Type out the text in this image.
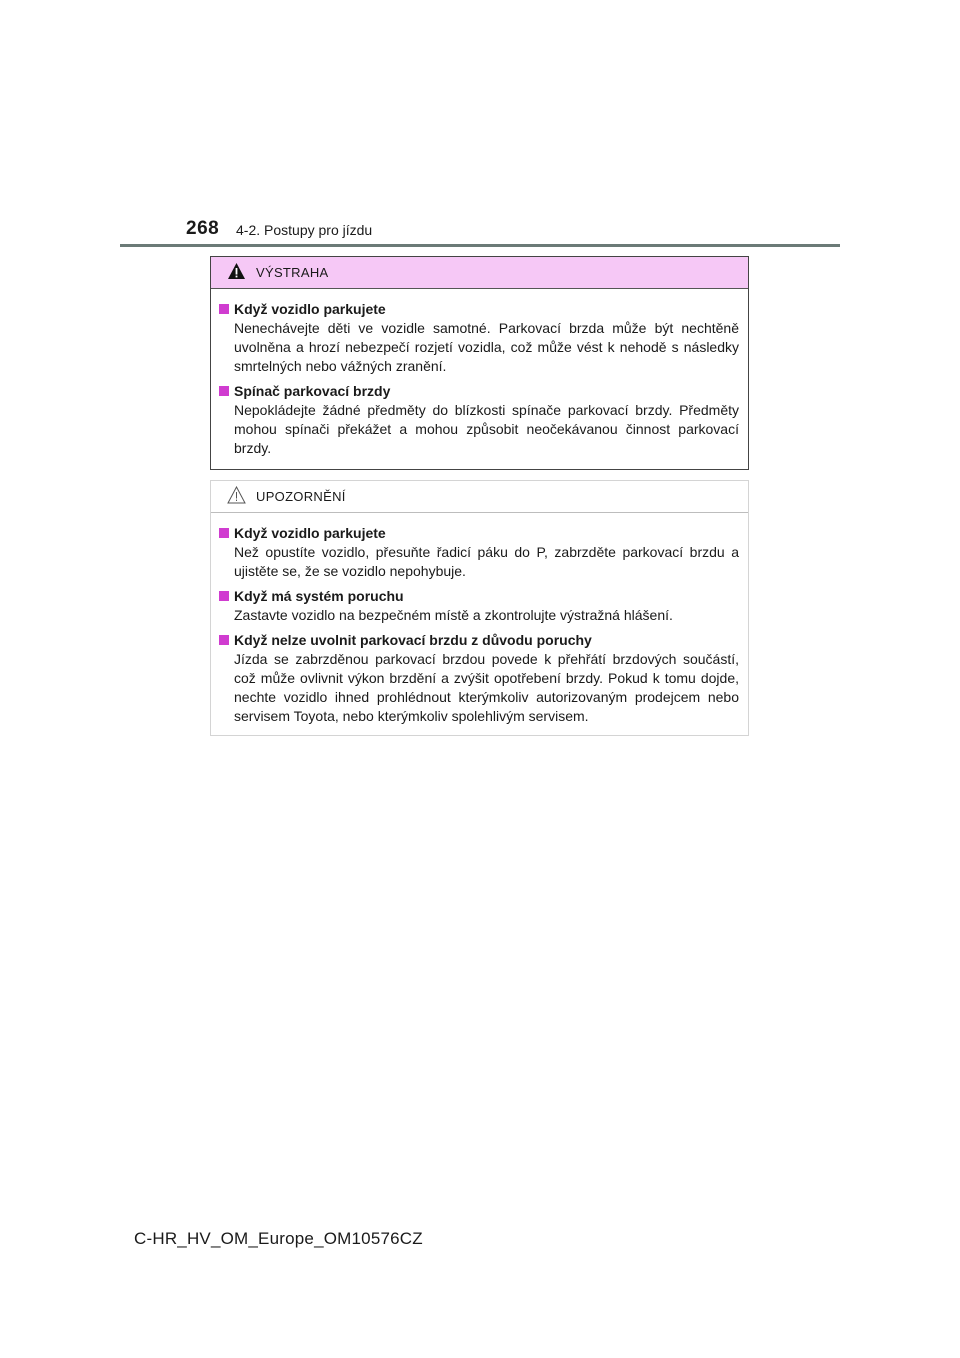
268 4-2. Postupy pro jízdu
VÝSTRAHA
Když vozidlo parkujete
Nenechávejte děti ve vozidle samotné. Parkovací brzda může být nechtěně uvolněna a hrozí nebezpečí rozjetí vozidla, což může vést k nehodě s následky smrtelných nebo vážných zranění.
Spínač parkovací brzdy
Nepokládejte žádné předměty do blízkosti spínače parkovací brzdy. Předměty mohou spínači překážet a mohou způsobit neočekávanou činnost parkovací brzdy.
UPOZORNĚNÍ
Když vozidlo parkujete
Než opustíte vozidlo, přesuňte řadicí páku do P, zabrzděte parkovací brzdu a ujistěte se, že se vozidlo nepohybuje.
Když má systém poruchu
Zastavte vozidlo na bezpečném místě a zkontrolujte výstražná hlášení.
Když nelze uvolnit parkovací brzdu z důvodu poruchy
Jízda se zabrzděnou parkovací brzdou povede k přehřátí brzdových součástí, což může ovlivnit výkon brzdění a zvýšit opotřebení brzdy. Pokud k tomu dojde, nechte vozidlo ihned prohlédnout kterýmkoliv autorizovaným prodejcem nebo servisem Toyota, nebo kterýmkoliv spolehlivým servisem.
C-HR_HV_OM_Europe_OM10576CZ
